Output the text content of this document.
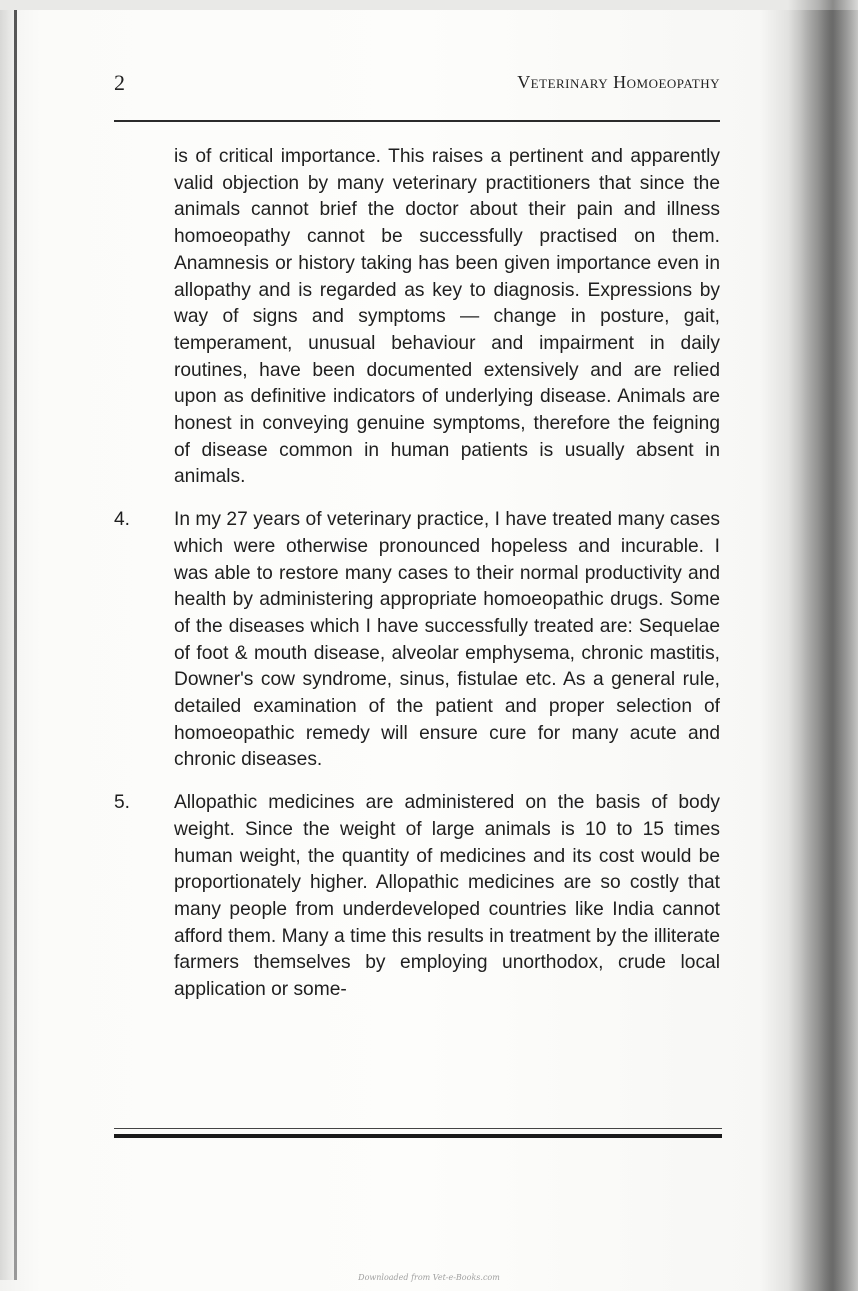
2	Veterinary Homoeopathy

is of critical importance. This raises a pertinent and apparently valid objection by many veterinary practitioners that since the animals cannot brief the doctor about their pain and illness homoeopathy cannot be successfully practised on them. Anamnesis or history taking has been given importance even in allopathy and is regarded as key to diagnosis. Expressions by way of signs and symptoms — change in posture, gait, temperament, unusual behaviour and impairment in daily routines, have been documented extensively and are relied upon as definitive indicators of underlying disease. Animals are honest in conveying genuine symptoms, therefore the feigning of disease common in human patients is usually absent in animals.

4. In my 27 years of veterinary practice, I have treated many cases which were otherwise pronounced hopeless and incurable. I was able to restore many cases to their normal productivity and health by administering appropriate homoeopathic drugs. Some of the diseases which I have successfully treated are: Sequelae of foot & mouth disease, alveolar emphysema, chronic mastitis, Downer's cow syndrome, sinus, fistulae etc. As a general rule, detailed examination of the patient and proper selection of homoeopathic remedy will ensure cure for many acute and chronic diseases.

5. Allopathic medicines are administered on the basis of body weight. Since the weight of large animals is 10 to 15 times human weight, the quantity of medicines and its cost would be proportionately higher. Allopathic medicines are so costly that many people from underdeveloped countries like India cannot afford them. Many a time this results in treatment by the illiterate farmers themselves by employing unorthodox, crude local application or some-

Downloaded from Vet-e-Books.com
